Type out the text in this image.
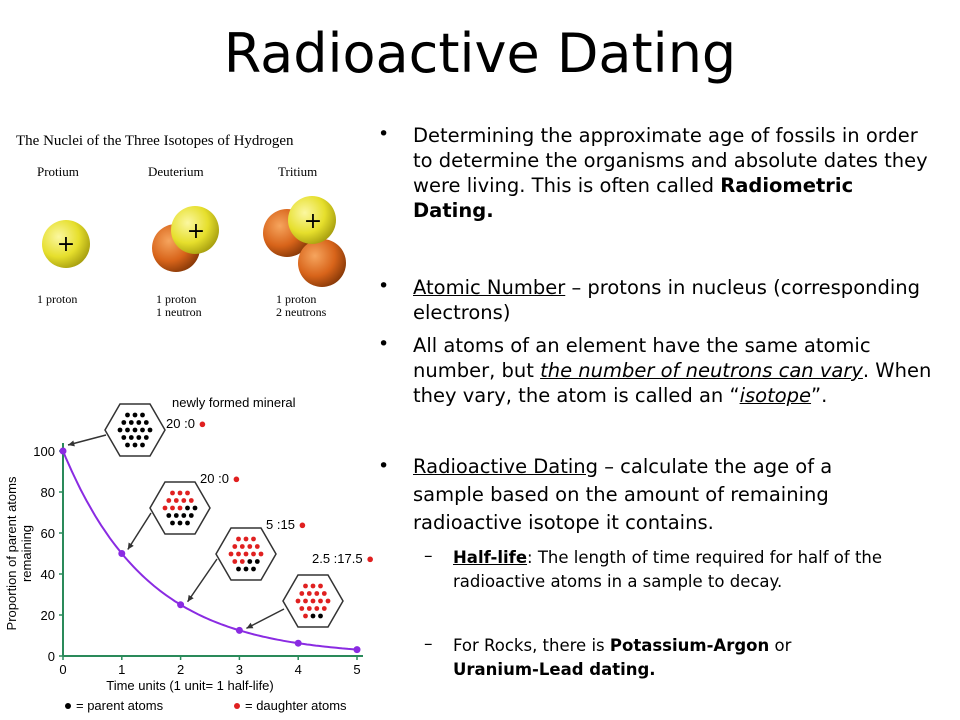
Radioactive Dating
The Nuclei of the Three Isotopes of Hydrogen
Protium	Deuterium	Tritium
+
+	+
1 proton	1 proton
1 neutron
1 proton
2 neutrons
• Determining the approximate age of fossils in order to determine the organisms and absolute dates they were living. This is often called Radiometric Dating.
• Atomic Number – protons in nucleus (corresponding electrons)
• All atoms of an element have the same atomic number, but the number of neutrons can vary. When they vary, the atom is called an “isotope”.
• Radioactive Dating – calculate the age of a sample based on the amount of remaining radioactive isotope it contains.
– Half-life: The length of time required for half of the radioactive atoms in a sample to decay.
– For Rocks, there is Potassium-Argon or Uranium-Lead dating.
0
20
40
60
80
100
0	1	2	3	4	5
Time units (1 unit= 1 half-life)
Proportion of parent atomsremaining
newly formed mineral
20 :0 ●
20 :0 ●
5 :15 ●
2.5 :17.5 ●
= parent atoms	= daughter atoms
